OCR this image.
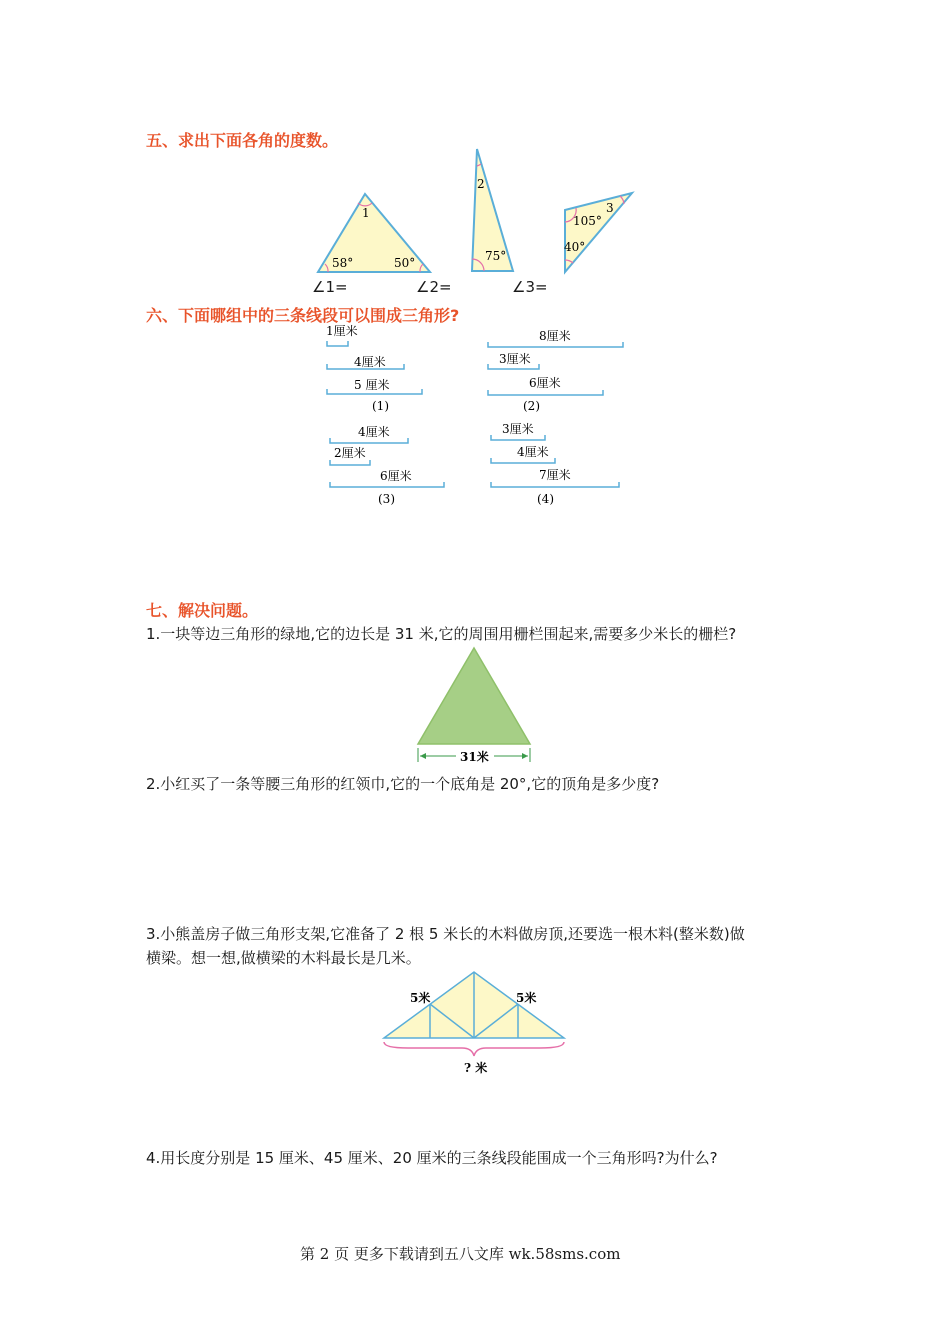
五、求出下面各角的度数。
1
58°	50°
2
75°
105°
3
40°
∠1=	∠2=	∠3=
六、下面哪组中的三条线段可以围成三角形?
1厘米
4厘米
5 厘米
(1)
8厘米
3厘米
6厘米
(2)
4厘米
2厘米
6厘米
(3)
3厘米
4厘米
7厘米
(4)
七、解决问题。
1.一块等边三角形的绿地,它的边长是 31 米,它的周围用栅栏围起来,需要多少米长的栅栏?
31米
2.小红买了一条等腰三角形的红领巾,它的一个底角是 20°,它的顶角是多少度?
3.小熊盖房子做三角形支架,它准备了 2 根 5 米长的木料做房顶,还要选一根木料(整米数)做
横梁。想一想,做横梁的木料最长是几米。
5米	5米
? 米
4.用长度分别是 15 厘米、45 厘米、20 厘米的三条线段能围成一个三角形吗?为什么?
第 2 页 更多下载请到五八文库 wk.58sms.com
